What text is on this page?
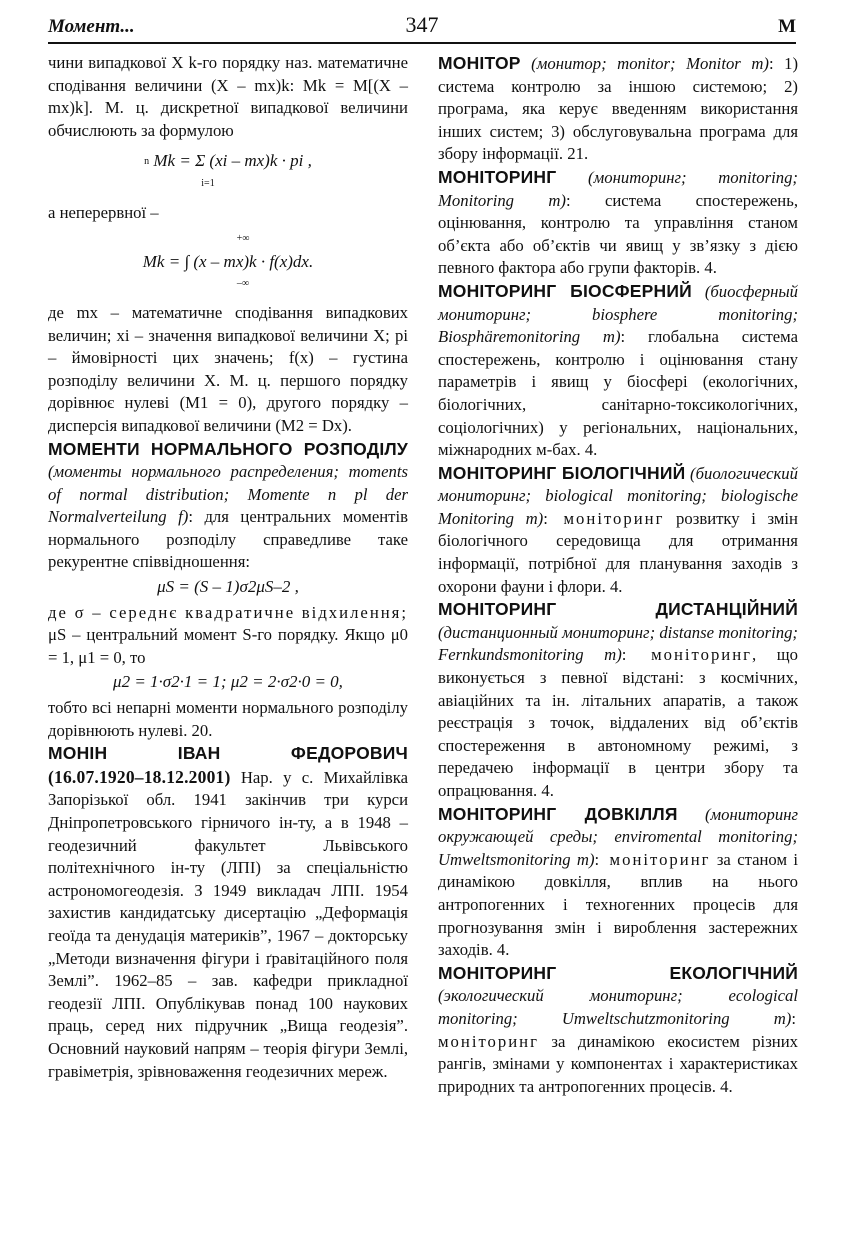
Момент...	347	М

чини випадкової X k-го порядку наз. математичне сподівання величини (X – mx)k: Mk = M[(X – mx)k]. М. ц. дискретної випадкової величини обчислюють за формулою

n Mk = Σ (xi – mx)k · pi ,
i=1

а неперервної –

+∞
Mk = ∫ (x – mx)k · f(x)dx.
–∞

де mx – математичне сподівання випадкових величин; xi – значення випадкової величини X; pi – ймовірності цих значень; f(x) – густина розподілу величини X. М. ц. першого порядку дорівнює нулеві (M1 = 0), другого порядку – дисперсія випадкової величини (M2 = Dx).

МОМЕНТИ НОРМАЛЬНОГО РОЗПОДІЛУ (моменты нормального распределения; moments of normal distribution; Momente n pl der Normalverteilung f): для центральних моментів нормального розподілу справедливе таке рекурентне співвідношення:

μS = (S – 1)σ2μS–2 ,

де σ – середнє квадратичне відхилення; μS – центральний момент S-го порядку. Якщо μ0 = 1, μ1 = 0, то

μ2 = 1·σ2·1 = 1; μ2 = 2·σ2·0 = 0,

тобто всі непарні моменти нормального розподілу дорівнюють нулеві. 20.

МОНІН ІВАН ФЕДОРОВИЧ (16.07.1920–18.12.2001) Нар. у с. Михайлівка Запорізької обл. 1941 закінчив три курси Дніпропетровського гірничого ін-ту, а в 1948 – геодезичний факультет Львівського політехнічного ін-ту (ЛПІ) за спеціальністю астрономогеодезія. З 1949 викладач ЛПІ. 1954 захистив кандидатську дисертацію „Деформація геоїда та денудація материків”, 1967 – докторську „Методи визначення фігури і ґравітаційного поля Землі”. 1962–85 – зав. кафедри прикладної геодезії ЛПІ. Опублікував понад 100 наукових праць, серед них підручник „Вища геодезія”. Основний науковий напрям – теорія фігури Землі, гравіметрія, зрівноваження геодезичних мереж.

МОНІТОР (монитор; monitor; Monitor m): 1) система контролю за іншою системою; 2) програма, яка керує введенням використання інших систем; 3) обслуговувальна програма для збору інформації. 21.

МОНІТОРИНГ (мониторинг; monitoring; Monitoring m): система спостережень, оцінювання, контролю та управління станом об’єкта або об’єктів чи явищ у зв’язку з дією певного фактора або групи факторів. 4.

МОНІТОРИНГ БІОСФЕРНИЙ (биосферный мониторинг; biosphere monitoring; Biosphäremonitoring m): глобальна система спостережень, контролю і оцінювання стану параметрів і явищ у біосфері (екологічних, біологічних, санітарно-токсикологічних, соціологічних) у регіональних, національних, міжнародних м-бах. 4.

МОНІТОРИНГ БІОЛОГІЧНИЙ (биологический мониторинг; biological monitoring; biologische Monitoring m): моніторинг розвитку і змін біологічного середовища для отримання інформації, потрібної для планування заходів з охорони фауни і флори. 4.

МОНІТОРИНГ ДИСТАНЦІЙНИЙ (дистанционный мониторинг; distanse monitoring; Fernkundsmonitoring m): моніторинг, що виконується з певної відстані: з космічних, авіаційних та ін. літальних апаратів, а також реєстрація з точок, віддалених від об’єктів спостереження в автономному режимі, з передачею інформації в центри збору та опрацювання. 4.

МОНІТОРИНГ ДОВКІЛЛЯ (мониторинг окружающей среды; enviromental monitoring; Umweltsmonitoring m): моніторинг за станом і динамікою довкілля, вплив на нього антропогенних і техногенних процесів для прогнозування змін і вироблення застережних заходів. 4.

МОНІТОРИНГ ЕКОЛОГІЧНИЙ (экологический мониторинг; ecological monitoring; Umweltschutzmonitoring m): моніторинг за динамікою екосистем різних рангів, змінами у компонентах і характеристиках природних та антропогенних процесів. 4.
